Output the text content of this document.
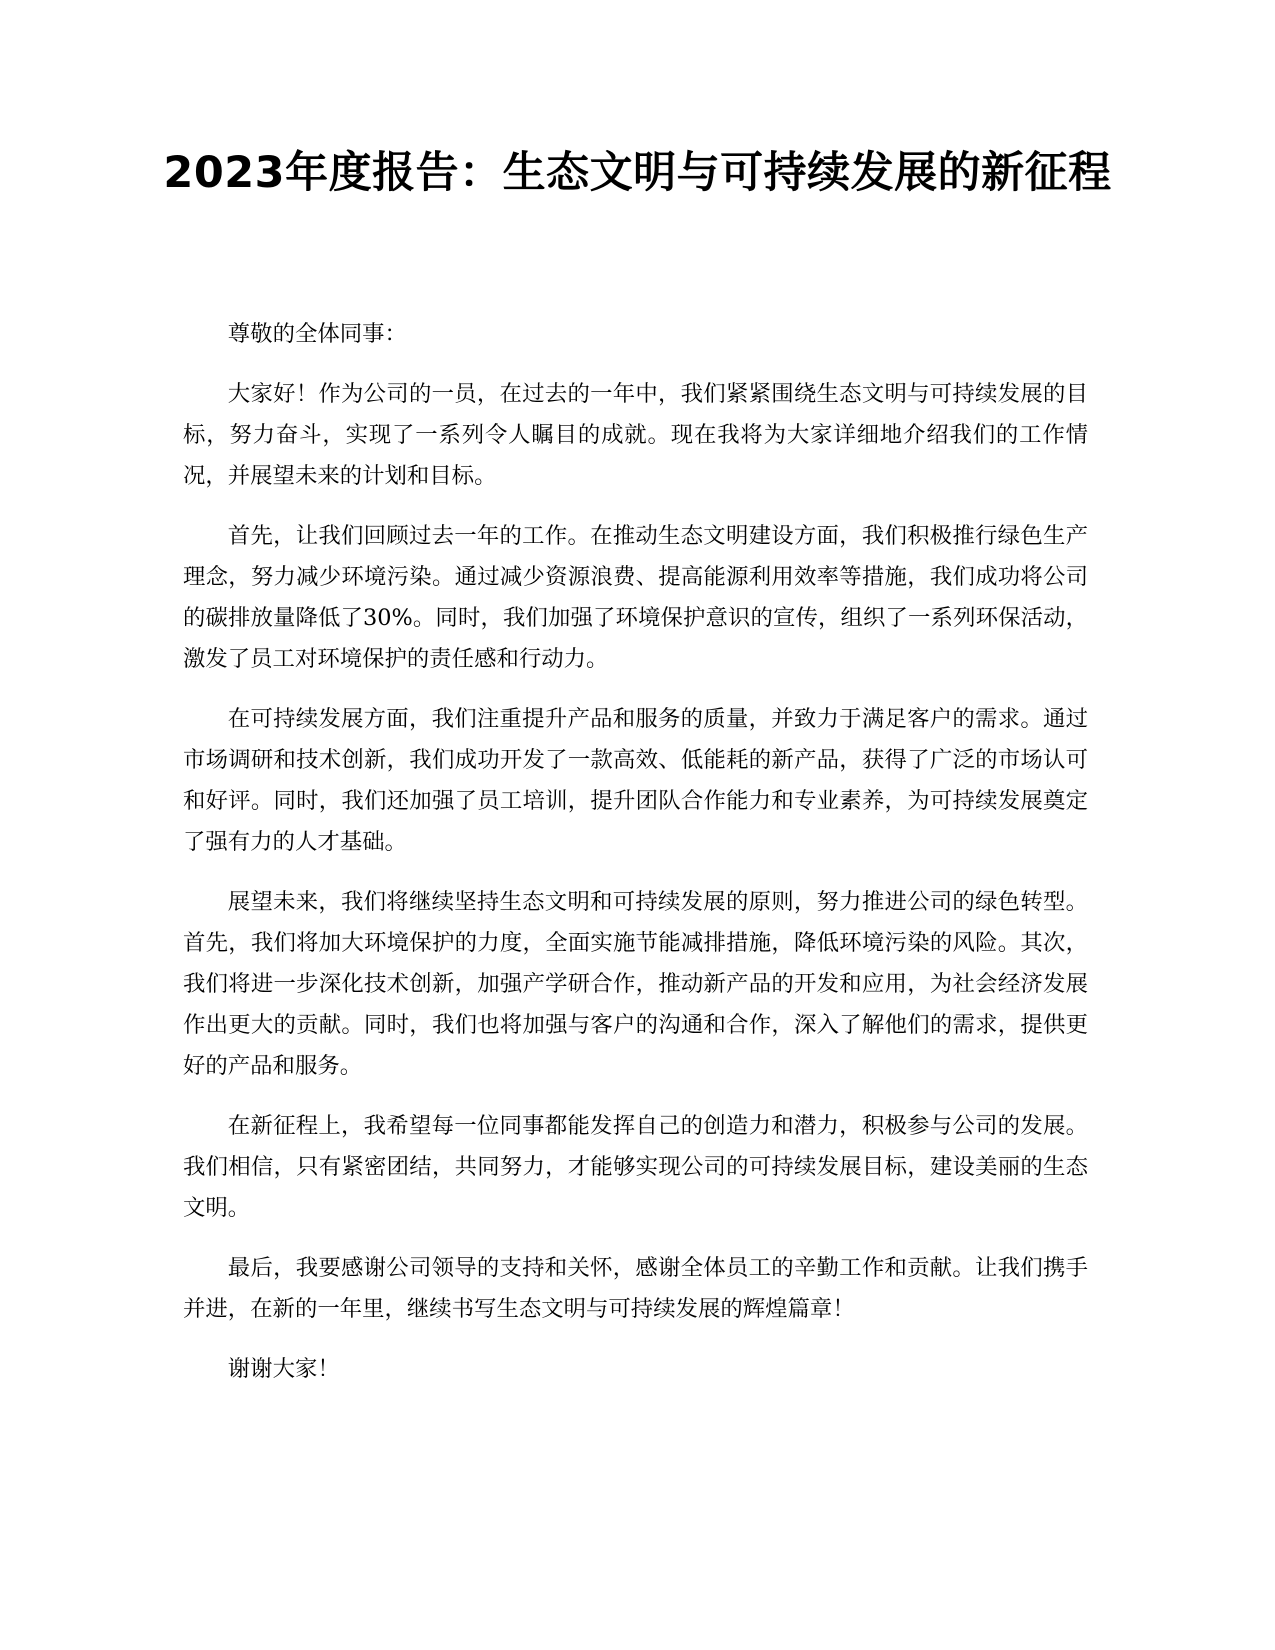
2023年度报告：生态文明与可持续发展的新征程

尊敬的全体同事：

大家好！作为公司的一员，在过去的一年中，我们紧紧围绕生态文明与可持续发展的目标，努力奋斗，实现了一系列令人瞩目的成就。现在我将为大家详细地介绍我们的工作情况，并展望未来的计划和目标。

首先，让我们回顾过去一年的工作。在推动生态文明建设方面，我们积极推行绿色生产理念，努力减少环境污染。通过减少资源浪费、提高能源利用效率等措施，我们成功将公司的碳排放量降低了30%。同时，我们加强了环境保护意识的宣传，组织了一系列环保活动，激发了员工对环境保护的责任感和行动力。

在可持续发展方面，我们注重提升产品和服务的质量，并致力于满足客户的需求。通过市场调研和技术创新，我们成功开发了一款高效、低能耗的新产品，获得了广泛的市场认可和好评。同时，我们还加强了员工培训，提升团队合作能力和专业素养，为可持续发展奠定了强有力的人才基础。

展望未来，我们将继续坚持生态文明和可持续发展的原则，努力推进公司的绿色转型。首先，我们将加大环境保护的力度，全面实施节能减排措施，降低环境污染的风险。其次，我们将进一步深化技术创新，加强产学研合作，推动新产品的开发和应用，为社会经济发展作出更大的贡献。同时，我们也将加强与客户的沟通和合作，深入了解他们的需求，提供更好的产品和服务。

在新征程上，我希望每一位同事都能发挥自己的创造力和潜力，积极参与公司的发展。我们相信，只有紧密团结，共同努力，才能够实现公司的可持续发展目标，建设美丽的生态文明。

最后，我要感谢公司领导的支持和关怀，感谢全体员工的辛勤工作和贡献。让我们携手并进，在新的一年里，继续书写生态文明与可持续发展的辉煌篇章！

谢谢大家！
